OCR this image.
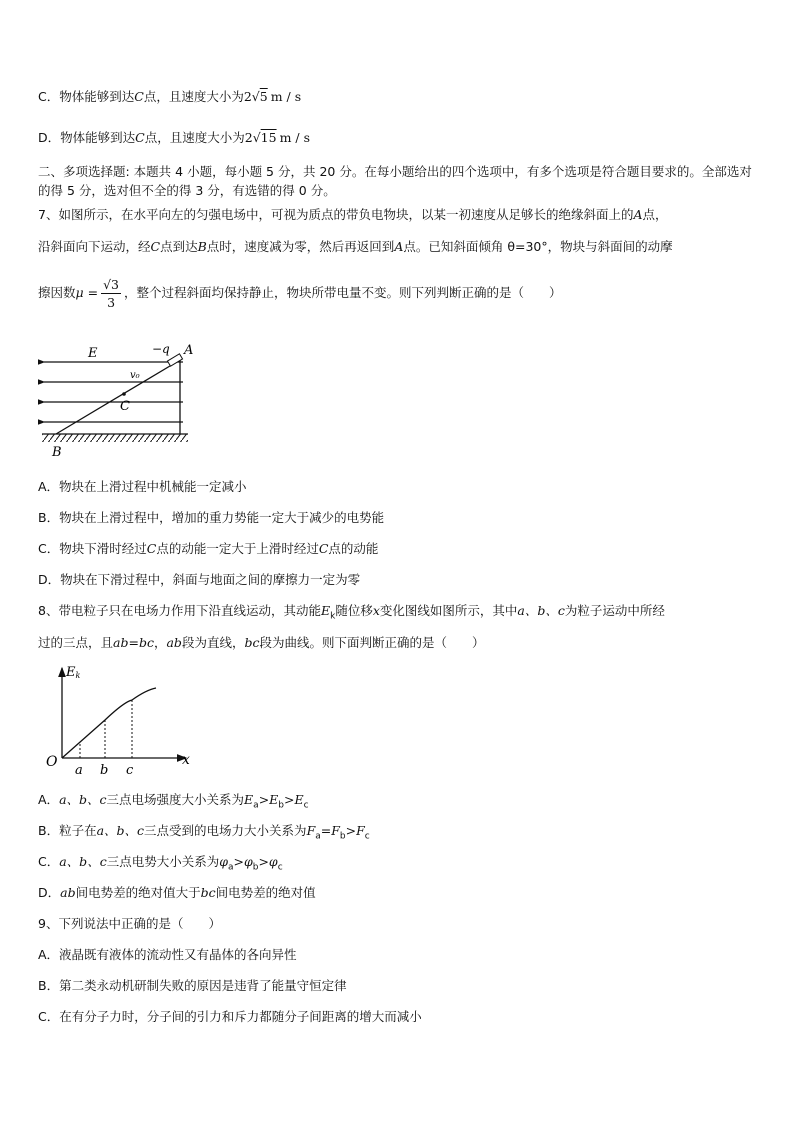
C．物体能够到达C点，且速度大小为2√5 m / s
D．物体能够到达C点，且速度大小为2√15 m / s
二、多项选择题: 本题共 4 小题，每小题 5 分，共 20 分。在每小题给出的四个选项中，有多个选项是符合题目要求的。全部选对的得 5 分，选对但不全的得 3 分，有选错的得 0 分。
7、如图所示，在水平向左的匀强电场中，可视为质点的带负电物块，以某一初速度从足够长的绝缘斜面上的A点，
沿斜面向下运动，经C点到达B点时，速度减为零，然后再返回到A点。已知斜面倾角 θ=30°，物块与斜面间的动摩
擦因数$\mu = \frac{√3}{3}$ ，整个过程斜面均保持静止，物块所带电量不变。则下列判断正确的是（　　）
E	−q A
v₀
C
B
A．物块在上滑过程中机械能一定减小
B．物块在上滑过程中，增加的重力势能一定大于减少的电势能
C．物块下滑时经过C点的动能一定大于上滑时经过C点的动能
D．物块在下滑过程中，斜面与地面之间的摩擦力一定为零
8、带电粒子只在电场力作用下沿直线运动，其动能$E_k$随位移x变化图线如图所示，其中a、b、c为粒子运动中所经
过的三点，且ab=bc，ab段为直线，bc段为曲线。则下面判断正确的是（　　）
Ek
O	x
a b c
A．a、b、c三点电场强度大小关系为$E_a>E_b>E_c$
B．粒子在a、b、c三点受到的电场力大小关系为$F_a=F_b>F_c$
C．a、b、c三点电势大小关系为$\varphi_a>\varphi_b>\varphi_c$
D．ab间电势差的绝对值大于bc间电势差的绝对值
9、下列说法中正确的是（　　）
A．液晶既有液体的流动性又有晶体的各向异性
B．第二类永动机研制失败的原因是违背了能量守恒定律
C．在有分子力时，分子间的引力和斥力都随分子间距离的增大而减小
